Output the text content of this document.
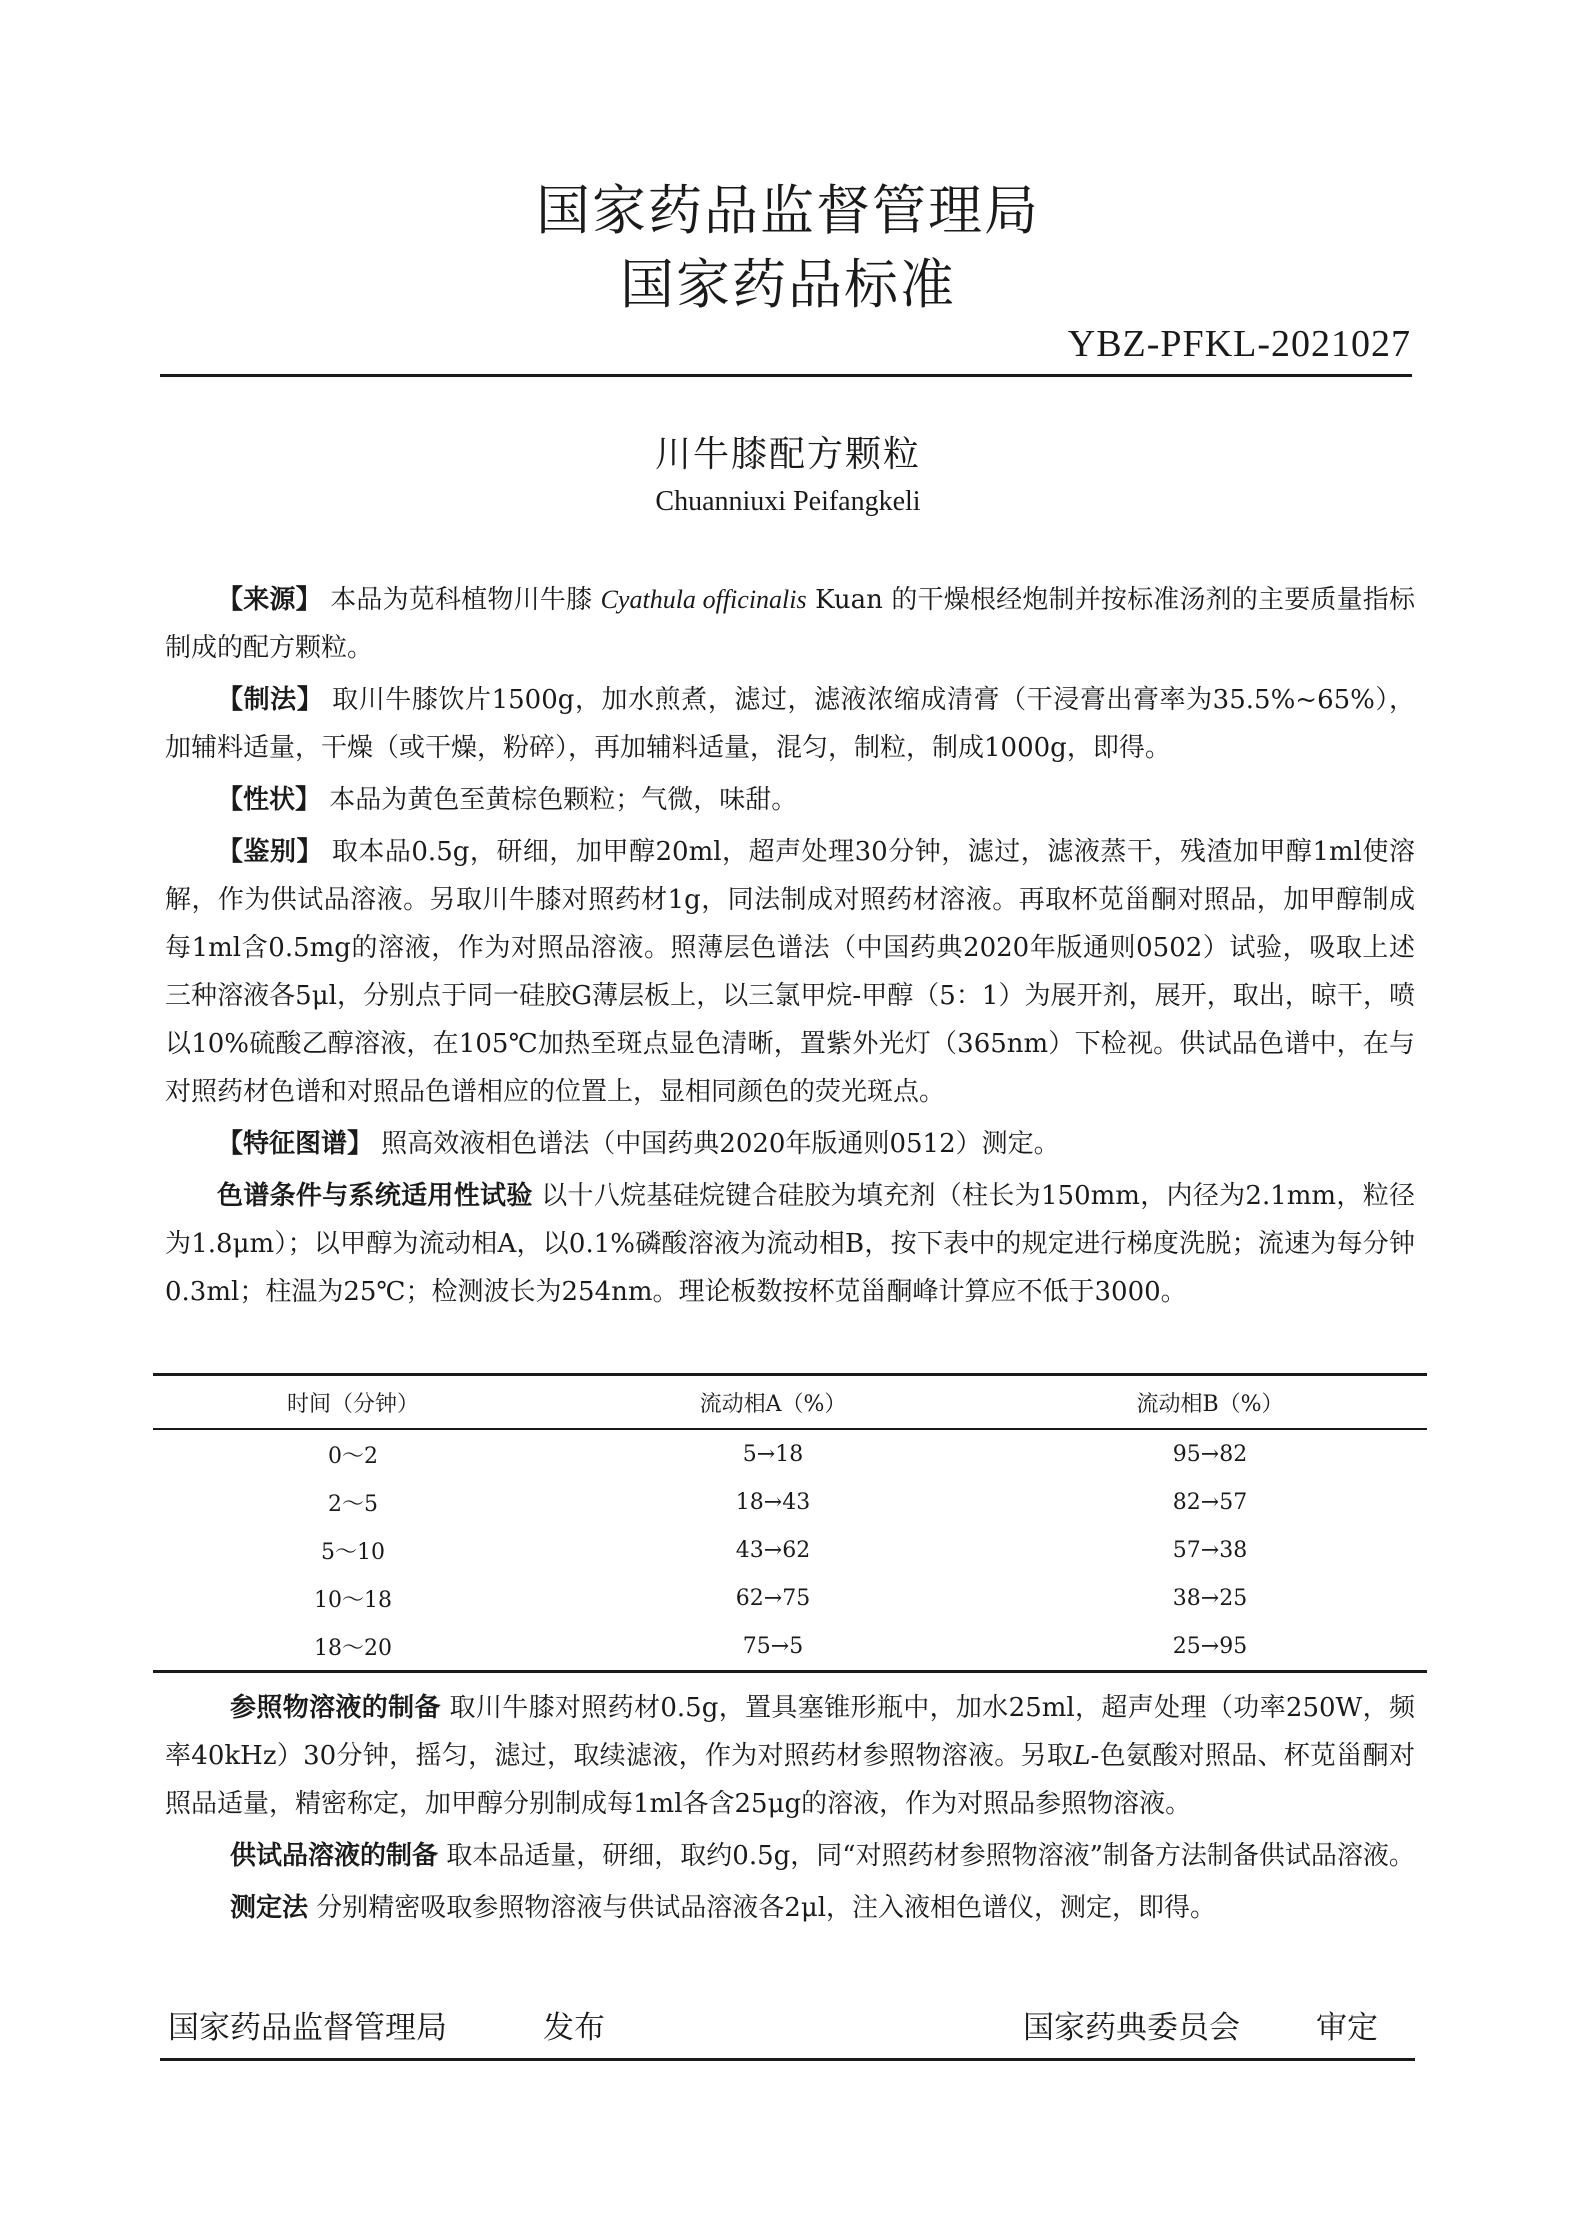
国家药品监督管理局
国家药品标准
YBZ-PFKL-2021027
川牛膝配方颗粒
Chuanniuxi Peifangkeli

【来源】 本品为苋科植物川牛膝 Cyathula officinalis Kuan 的干燥根经炮制并按标准汤剂的主要质量指标制成的配方颗粒。

【制法】 取川牛膝饮片1500g，加水煎煮，滤过，滤液浓缩成清膏（干浸膏出膏率为35.5%~65%），加辅料适量，干燥（或干燥，粉碎），再加辅料适量，混匀，制粒，制成1000g，即得。

【性状】 本品为黄色至黄棕色颗粒；气微，味甜。

【鉴别】 取本品0.5g，研细，加甲醇20ml，超声处理30分钟，滤过，滤液蒸干，残渣加甲醇1ml使溶解，作为供试品溶液。另取川牛膝对照药材1g，同法制成对照药材溶液。再取杯苋甾酮对照品，加甲醇制成每1ml含0.5mg的溶液，作为对照品溶液。照薄层色谱法（中国药典2020年版通则0502）试验，吸取上述三种溶液各5μl，分别点于同一硅胶G薄层板上，以三氯甲烷-甲醇（5：1）为展开剂，展开，取出，晾干，喷以10%硫酸乙醇溶液，在105℃加热至斑点显色清晰，置紫外光灯（365nm）下检视。供试品色谱中，在与对照药材色谱和对照品色谱相应的位置上，显相同颜色的荧光斑点。

【特征图谱】 照高效液相色谱法（中国药典2020年版通则0512）测定。

色谱条件与系统适用性试验 以十八烷基硅烷键合硅胶为填充剂（柱长为150mm，内径为2.1mm，粒径为1.8μm）；以甲醇为流动相A，以0.1%磷酸溶液为流动相B，按下表中的规定进行梯度洗脱；流速为每分钟0.3ml；柱温为25℃；检测波长为254nm。理论板数按杯苋甾酮峰计算应不低于3000。

时间（分钟）	流动相A（%）	流动相B（%）
0～2	5→18	95→82
2～5	18→43	82→57
5～10	43→62	57→38
10～18	62→75	38→25
18～20	75→5	25→95

参照物溶液的制备 取川牛膝对照药材0.5g，置具塞锥形瓶中，加水25ml，超声处理（功率250W，频率40kHz）30分钟，摇匀，滤过，取续滤液，作为对照药材参照物溶液。另取L-色氨酸对照品、杯苋甾酮对照品适量，精密称定，加甲醇分别制成每1ml各含25μg的溶液，作为对照品参照物溶液。

供试品溶液的制备 取本品适量，研细，取约0.5g，同“对照药材参照物溶液”制备方法制备供试品溶液。

测定法 分别精密吸取参照物溶液与供试品溶液各2μl，注入液相色谱仪，测定，即得。

国家药品监督管理局	发布	国家药典委员会 审定
